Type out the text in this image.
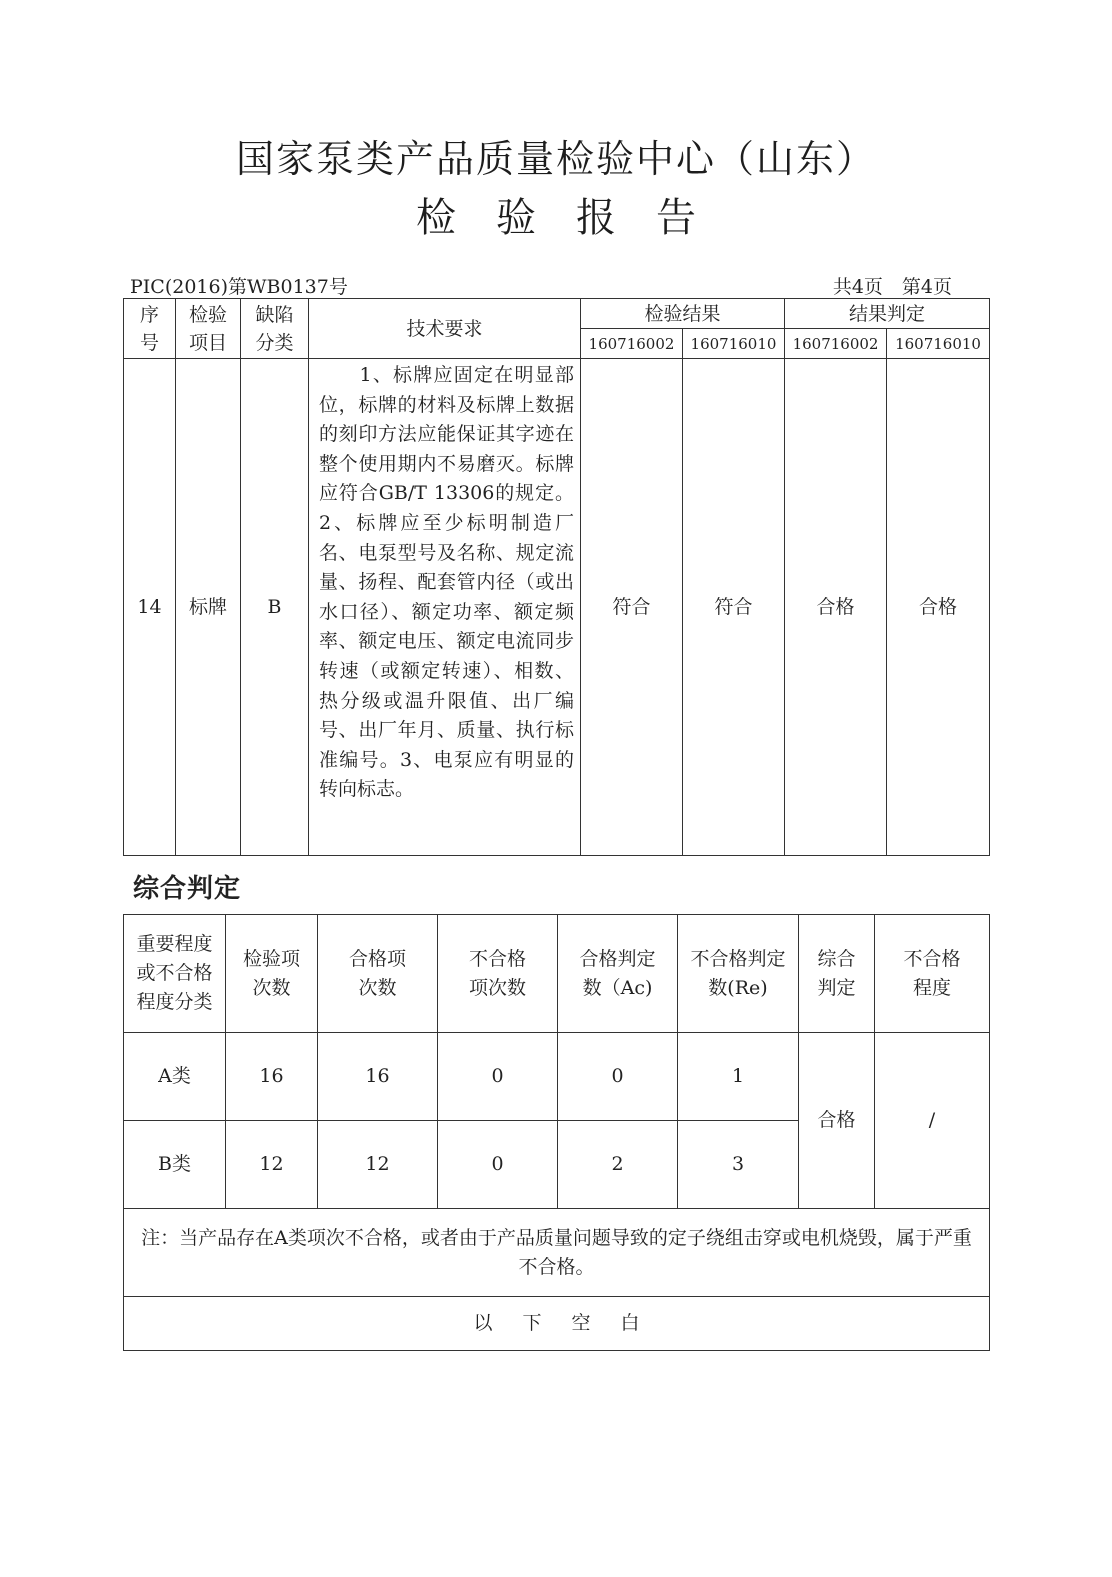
国家泵类产品质量检验中心（山东）
检验报告
PIC(2016)第WB0137号	共4页　第4页
序号	检验项目	缺陷分类	技术要求	检验结果		结果判定	
				160716002	160716010	160716002	160716010
14	标牌	B	　　1、标牌应固定在明显部位，标牌的材料及标牌上数据的刻印方法应能保证其字迹在整个使用期内不易磨灭。标牌应符合GB/T 13306的规定。2、标牌应至少标明制造厂名、电泵型号及名称、规定流量、扬程、配套管内径（或出水口径）、额定功率、额定频率、额定电压、额定电流同步转速（或额定转速）、相数、热分级或温升限值、出厂编号、出厂年月、质量、执行标准编号。3、电泵应有明显的转向标志。	符合	符合	合格	合格
综合判定
重要程度或不合格程度分类	检验项次数	合格项次数	不合格项次数	合格判定数（Ac)	不合格判定数(Re)	综合判定	不合格程度
A类	16	16	0	0	1	合格	/
B类	12	12	0	2	3		
注：当产品存在A类项次不合格，或者由于产品质量问题导致的定子绕组击穿或电机烧毁，属于严重不合格。							
以下空白							
